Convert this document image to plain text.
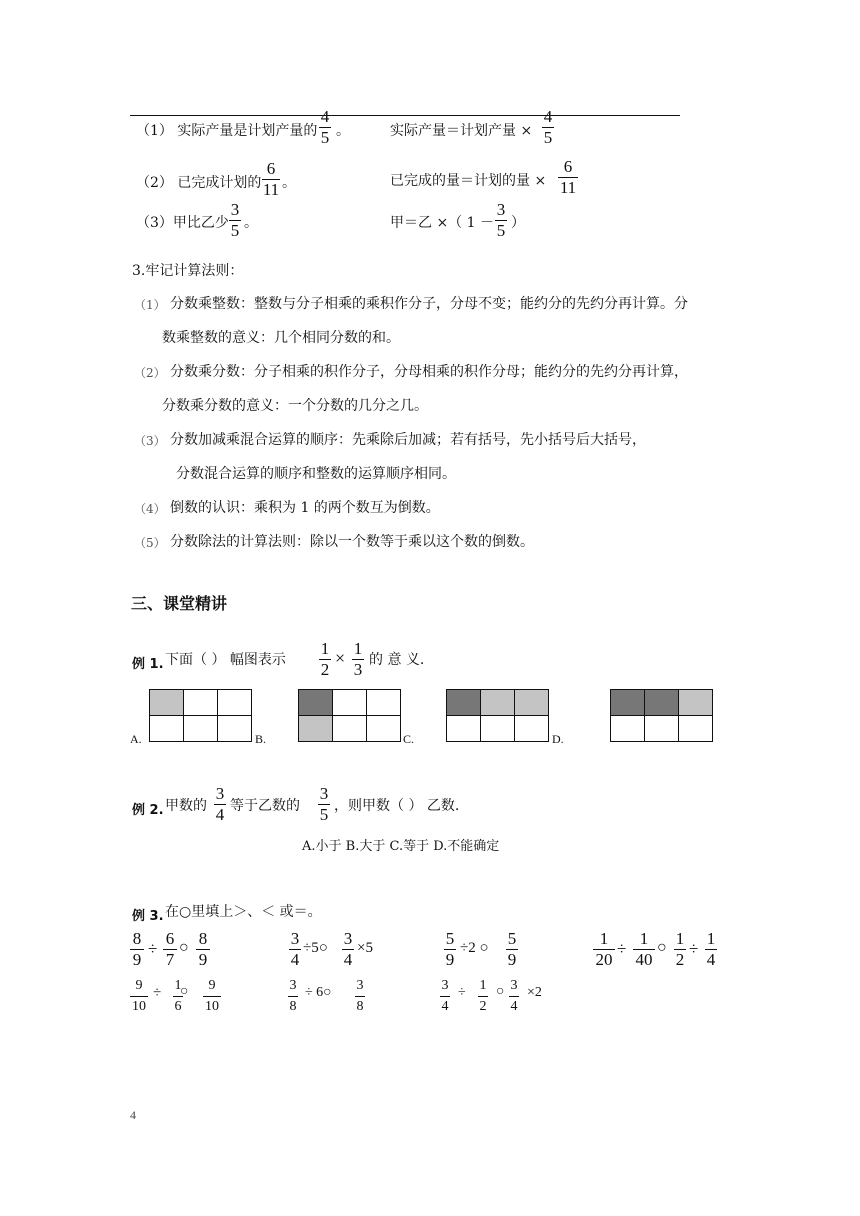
（1） 实际产量是计划产量的
4
5 。	实际产量＝计划产量 ×
4
5
（2） 已完成计划的
6
11 。	已完成的量＝计划的量 ×
6
11
（3）甲比乙少
3
5 。	甲＝乙 ×（ 1 －
3
5 ）
3.牢记计算法则：
（1） 分数乘整数：整数与分子相乘的乘积作分子，分母不变；能约分的先约分再计算。分
数乘整数的意义：几个相同分数的和。
（2） 分数乘分数：分子相乘的积作分子，分母相乘的积作分母；能约分的先约分再计算，
分数乘分数的意义：一个分数的几分之几。
（3） 分数加减乘混合运算的顺序：先乘除后加减；若有括号，先小括号后大括号，
分数混合运算的顺序和整数的运算顺序相同。
（4） 倒数的认识：乘积为 1 的两个数互为倒数。
（5） 分数除法的计算法则：除以一个数等于乘以这个数的倒数。
三、课堂精讲
例 1. 下面（ ） 幅图表示
1
2
× 1
3 的 意 义.
A.	B.	C.	D.
例 2. 甲数的
3
4 等于乙数的
3
5 ，则甲数（ ） 乙数.
A.小于 B.大于 C.等于 D.不能确定
例 3. 在○里填上＞、＜ 或＝。
8
9
÷
6
7
○ 8
9
3
4
÷5○ 3
4
×5	5
9
÷2 ○ 5
9
1
20
÷
1
40
○ 1
2
÷
1
4
9
10
÷ 1
6
○	9
10
3
8
÷ 6○ 3
8
3
4
÷ 1
2
○ 3
4
×2
4
